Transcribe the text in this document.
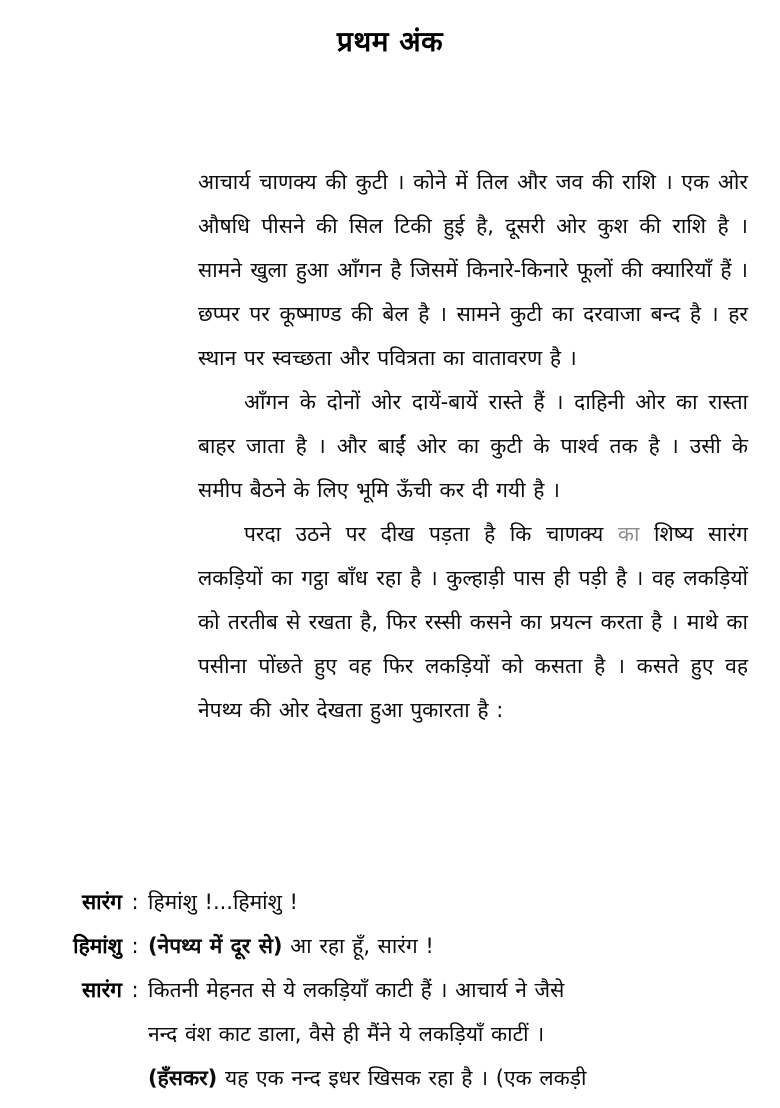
प्रथम अंक

आचार्य चाणक्य की कुटी । कोने में तिल और जव की राशि । एक ओर औषधि पीसने की सिल टिकी हुई है, दूसरी ओर कुश की राशि है । सामने खुला हुआ आँगन है जिसमें किनारे-किनारे फूलों की क्यारियाँ हैं । छप्पर पर कूष्माण्ड की बेल है । सामने कुटी का दरवाजा बन्द है । हर स्थान पर स्वच्छता और पवित्रता का वातावरण है ।

आँगन के दोनों ओर दायें-बायें रास्ते हैं । दाहिनी ओर का रास्ता बाहर जाता है । और बाईं ओर का कुटी के पार्श्व तक है । उसी के समीप बैठने के लिए भूमि ऊँची कर दी गयी है ।

परदा उठने पर दीख पड़ता है कि चाणक्य का शिष्य सारंग लकड़ियों का गट्ठा बाँध रहा है । कुल्हाड़ी पास ही पड़ी है । वह लकड़ियों को तरतीब से रखता है, फिर रस्सी कसने का प्रयत्न करता है । माथे का पसीना पोंछते हुए वह फिर लकड़ियों को कसता है । कसते हुए वह नेपथ्य की ओर देखता हुआ पुकारता है :

सारंग : हिमांशु !...हिमांशु !
हिमांशु : (नेपथ्य में दूर से) आ रहा हूँ, सारंग !
सारंग : कितनी मेहनत से ये लकड़ियाँ काटी हैं । आचार्य ने जैसे
नन्द वंश काट डाला, वैसे ही मैंने ये लकड़ियाँ काटीं ।
(हँसकर) यह एक नन्द इधर खिसक रहा है । (एक लकड़ी
